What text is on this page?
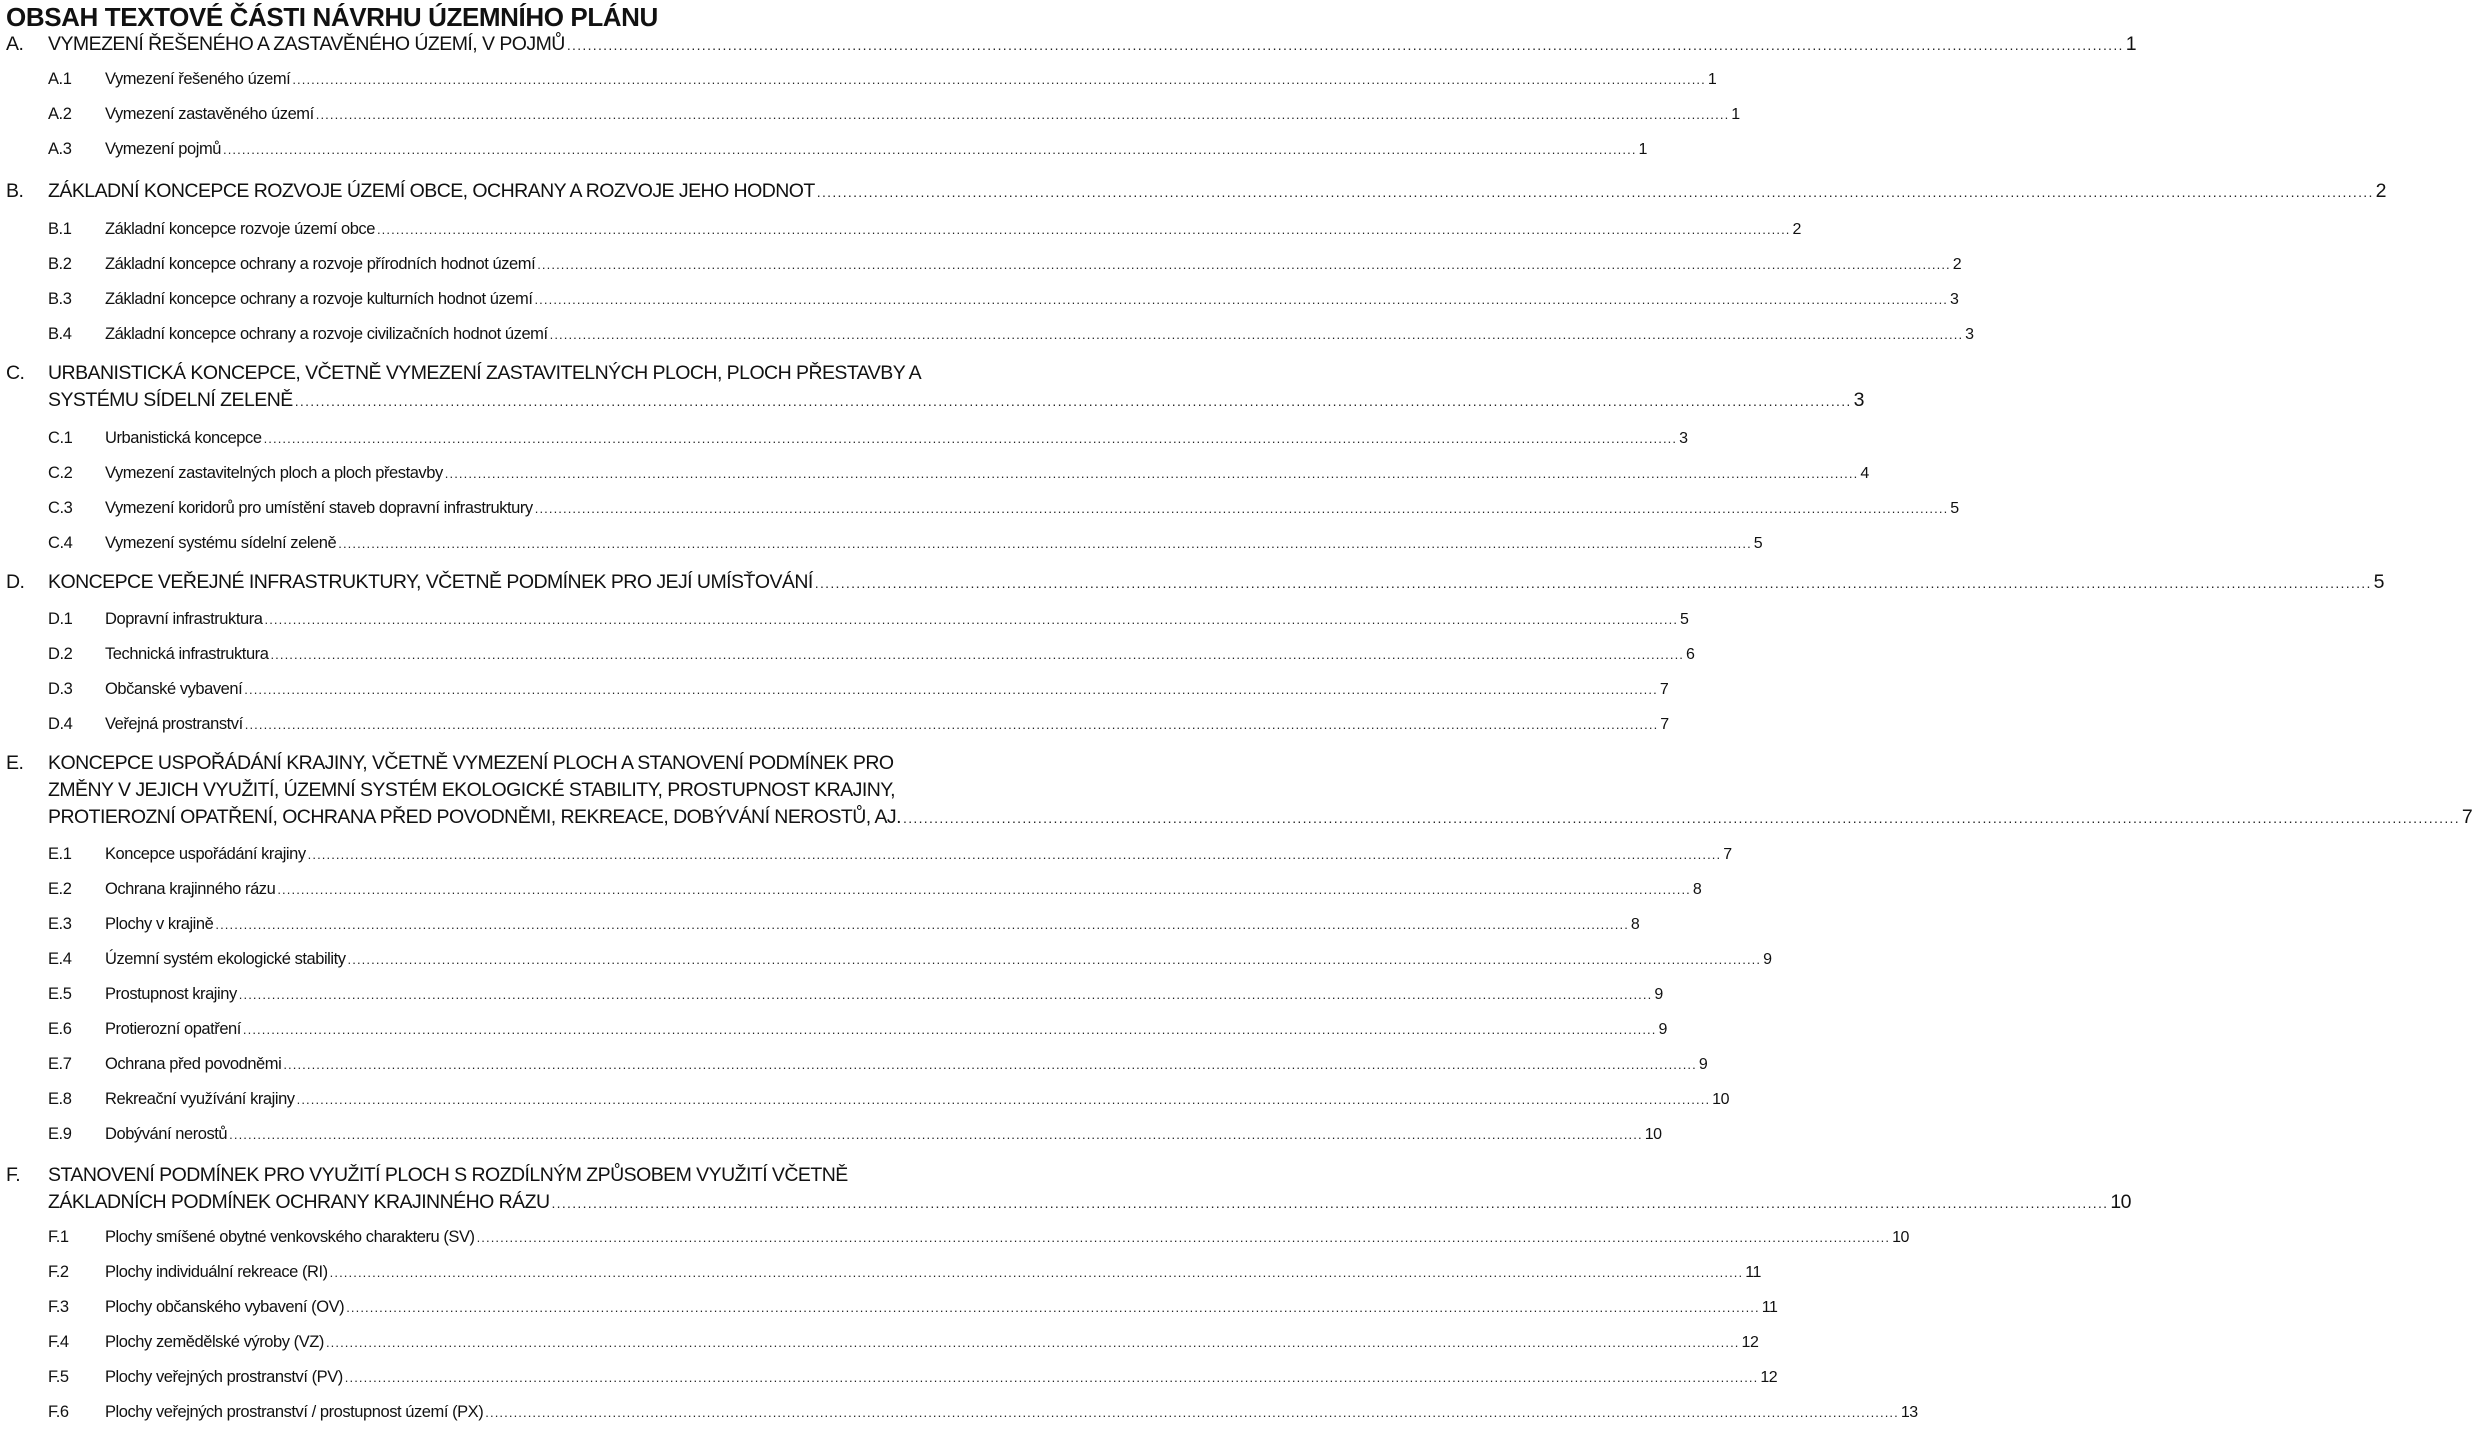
OBSAH TEXTOVÉ ČÁSTI NÁVRHU ÚZEMNÍHO PLÁNU
A. VYMEZENÍ ŘEŠENÉHO A ZASTAVĚNÉHO ÚZEMÍ, V POJMŮ ............................................................................................................................................................................................................................................................................................................ 1
A.1 Vymezení řešeného území ............................................................................................................................................................................................................................................................................................................ 1
A.2 Vymezení zastavěného území ............................................................................................................................................................................................................................................................................................................ 1
A.3 Vymezení pojmů ............................................................................................................................................................................................................................................................................................................ 1
B. ZÁKLADNÍ KONCEPCE ROZVOJE ÚZEMÍ OBCE, OCHRANY A ROZVOJE JEHO HODNOT ............................................................................................................................................................................................................................................................................................................ 2
B.1 Základní koncepce rozvoje území obce ............................................................................................................................................................................................................................................................................................................ 2
B.2 Základní koncepce ochrany a rozvoje přírodních hodnot území ............................................................................................................................................................................................................................................................................................................ 2
B.3 Základní koncepce ochrany a rozvoje kulturních hodnot území ............................................................................................................................................................................................................................................................................................................ 3
B.4 Základní koncepce ochrany a rozvoje civilizačních hodnot území ............................................................................................................................................................................................................................................................................................................ 3
C. URBANISTICKÁ KONCEPCE, VČETNĚ VYMEZENÍ ZASTAVITELNÝCH PLOCH, PLOCH PŘESTAVBY A
SYSTÉMU SÍDELNÍ ZELENĚ ............................................................................................................................................................................................................................................................................................................ 3
C.1 Urbanistická koncepce ............................................................................................................................................................................................................................................................................................................ 3
C.2 Vymezení zastavitelných ploch a ploch přestavby ............................................................................................................................................................................................................................................................................................................ 4
C.3 Vymezení koridorů pro umístění staveb dopravní infrastruktury ............................................................................................................................................................................................................................................................................................................ 5
C.4 Vymezení systému sídelní zeleně ............................................................................................................................................................................................................................................................................................................ 5
D. KONCEPCE VEŘEJNÉ INFRASTRUKTURY, VČETNĚ PODMÍNEK PRO JEJÍ UMÍSŤOVÁNÍ ............................................................................................................................................................................................................................................................................................................ 5
D.1 Dopravní infrastruktura ............................................................................................................................................................................................................................................................................................................ 5
D.2 Technická infrastruktura ............................................................................................................................................................................................................................................................................................................ 6
D.3 Občanské vybavení ............................................................................................................................................................................................................................................................................................................ 7
D.4 Veřejná prostranství ............................................................................................................................................................................................................................................................................................................ 7
E. KONCEPCE USPOŘÁDÁNÍ KRAJINY, VČETNĚ VYMEZENÍ PLOCH A STANOVENÍ PODMÍNEK PRO
ZMĚNY V JEJICH VYUŽITÍ, ÚZEMNÍ SYSTÉM EKOLOGICKÉ STABILITY, PROSTUPNOST KRAJINY,
PROTIEROZNÍ OPATŘENÍ, OCHRANA PŘED POVODNĚMI, REKREACE, DOBÝVÁNÍ NEROSTŮ, AJ. ............................................................................................................................................................................................................................................................................................................ 7
E.1 Koncepce uspořádání krajiny ............................................................................................................................................................................................................................................................................................................ 7
E.2 Ochrana krajinného rázu ............................................................................................................................................................................................................................................................................................................ 8
E.3 Plochy v krajině ............................................................................................................................................................................................................................................................................................................ 8
E.4 Územní systém ekologické stability ............................................................................................................................................................................................................................................................................................................ 9
E.5 Prostupnost krajiny ............................................................................................................................................................................................................................................................................................................ 9
E.6 Protierozní opatření ............................................................................................................................................................................................................................................................................................................ 9
E.7 Ochrana před povodněmi ............................................................................................................................................................................................................................................................................................................ 9
E.8 Rekreační využívání krajiny ............................................................................................................................................................................................................................................................................................................ 10
E.9 Dobývání nerostů ............................................................................................................................................................................................................................................................................................................ 10
F. STANOVENÍ PODMÍNEK PRO VYUŽITÍ PLOCH S ROZDÍLNÝM ZPŮSOBEM VYUŽITÍ VČETNĚ
ZÁKLADNÍCH PODMÍNEK OCHRANY KRAJINNÉHO RÁZU ............................................................................................................................................................................................................................................................................................................ 10
F.1 Plochy smíšené obytné venkovského charakteru (SV) ............................................................................................................................................................................................................................................................................................................ 10
F.2 Plochy individuální rekreace (RI) ............................................................................................................................................................................................................................................................................................................ 11
F.3 Plochy občanského vybavení (OV) ............................................................................................................................................................................................................................................................................................................ 11
F.4 Plochy zemědělské výroby (VZ) ............................................................................................................................................................................................................................................................................................................ 12
F.5 Plochy veřejných prostranství (PV) ............................................................................................................................................................................................................................................................................................................ 12
F.6 Plochy veřejných prostranství / prostupnost území (PX) ............................................................................................................................................................................................................................................................................................................ 13
